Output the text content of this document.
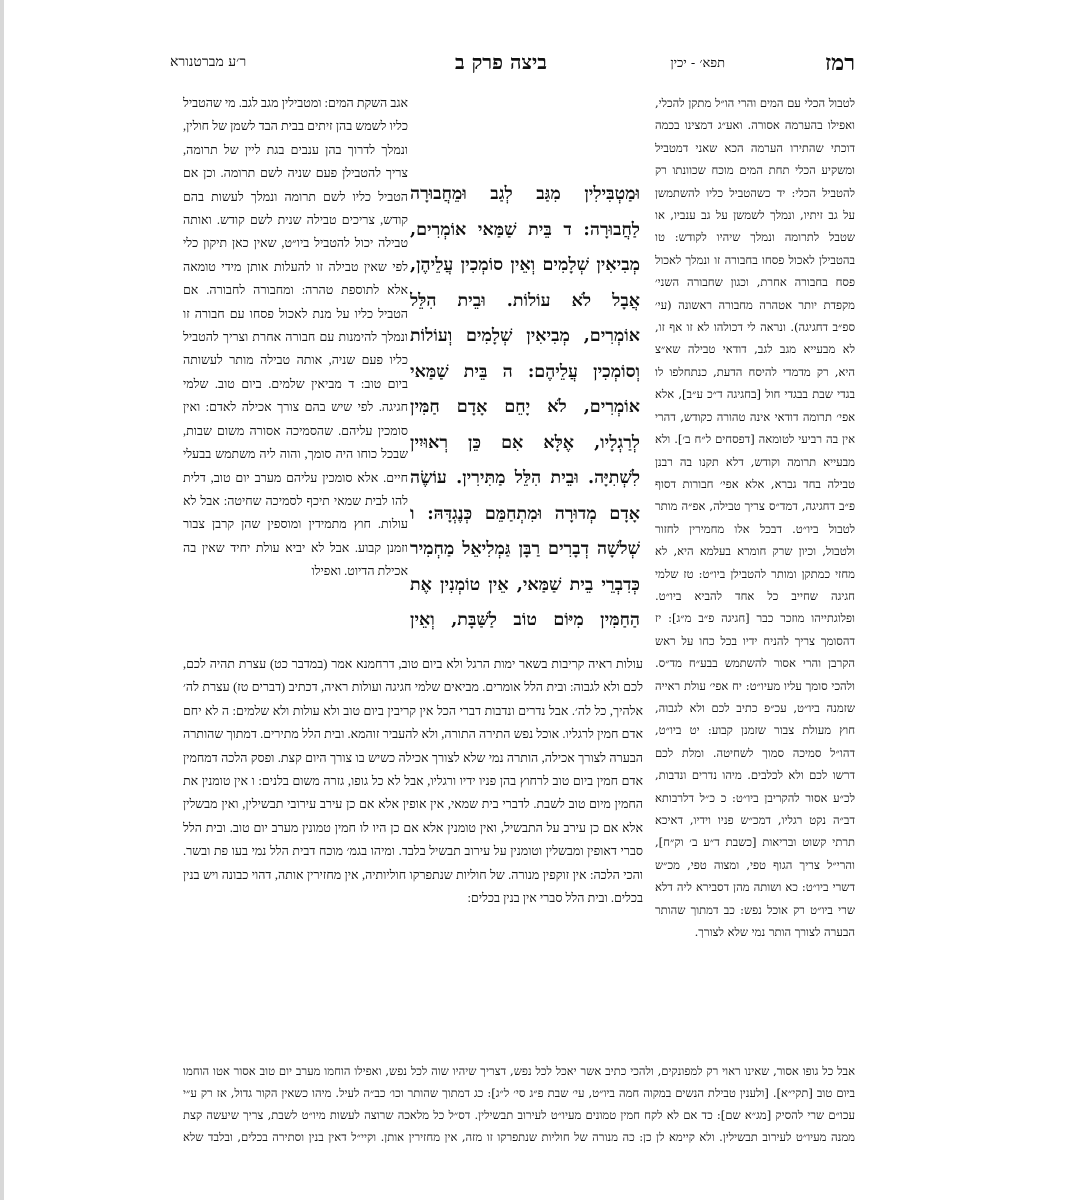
רמז
תפא׳ - יכין
ביצה פרק ב
ר׳ע מברטנורא
לטבול הכלי עם המים והרי הו״ל מתקן להכלי, ואפילו בהערמה אסורה. ואע״ג דמצינו בכמה דוכתי שהתירו הערמה הכא שאני דמטביל ומשקיע הכלי תחת המים מוכח שכוונתו רק להטביל הכלי: יד כשהטביל כליו להשתמשן על גב זיתיו, ונמלך לשמשן על גב ענביו, או שטבל לתרומה ונמלך שיהיו לקודש: טו בהטבילן לאכול פסחו בחבורה זו ונמלך לאכול פסח בחבורה אחרת, וכגון שחבורה השני׳ מקפדת יותר אטהרה מחבורה ראשונה (עי׳ ספ״ב דחגיגה). ונראה לי דכולהו לא זו אף זו, לא מבעייא מגב לגב, דודאי טבילה שא״צ היא, רק מדמדי להיסח הדעת, כנתחלפו לו בגדי שבת בבגדי חול [בחגיגה ד״כ ע״ב], אלא אפי׳ תרומה דודאי אינה טהורה כקודש, דהרי אין בה רביעי לטומאה [דפסחים ל״ח ב׳]. ולא מבעייא תרומה וקודש, דלא תקנו בה רבנן טבילה בחד גברא, אלא אפי׳ חבורות דסוף פ״ב דחגיגה, דמד״ס צריך טבילה, אפ״ה מותר לטבול ביו״ט. דבכל אלו מחמירין לחזור ולטבול, וכיון שרק חומרא בעלמא היא, לא מחזי כמתקן ומותר להטבילן ביו״ט: טז שלמי חגיגה שחייב כל אחד להביא ביו״ט. ופלוגתייהו מוזכר כבר [חגיגה פ״ב מ״ג]: יז דהסומך צריך להניח ידיו בכל כחו על ראש הקרבן והרי אסור להשתמש בבע״ח מד״ס. ולהכי סומך עליו מעיו״ט: יח אפי׳ עולת ראייה שזמנה ביו״ט, עכ״פ כתיב לכם ולא לגבוה, חוץ מעולת צבור שזמנן קבוע: יט ביו״ט, דהו״ל סמיכה סמוך לשחיטה. ומלת לכם דרשו לכם ולא לכלבים. מיהו נדרים ונדבות, לכ״ע אסור להקריבן ביו״ט: כ כ״ל דלרבותא דב״ה נקט רגליו, דמכ״ש פניו וידיו, דאיכא תרתי קשוט ובריאות [כשבת ד״ע ב׳ וק״ח], והרי״ל צריך הגוף טפי, ומצוה טפי, מכ״ש דשרי ביו״ט: כא ושותה מהן דסבירא ליה דלא שרי ביו״ט רק אוכל נפש: כב דמתוך שהותר הבערה לצורך הותר נמי שלא לצורך.
וּמַטְבִּילִין מִגַּב לְגַב וּמֵחֲבוּרָה לַחֲבוּרָה: ד בֵּית שַׁמַּאי אוֹמְרִים, מְבִיאִין שְׁלָמִים וְאֵין סוֹמְכִין עֲלֵיהֶן, אֲבָל לֹא עוֹלוֹת. וּבֵית הִלֵּל אוֹמְרִים, מְבִיאִין שְׁלָמִים וְעוֹלוֹת וְסוֹמְכִין עֲלֵיהֶם: ה בֵּית שַׁמַּאי אוֹמְרִים, לֹא יָחֵם אָדָם חַמִּין לְרַגְלָיו, אֶלָּא אִם כֵּן רְאוּיִין לִשְׁתִיָּה. וּבֵית הִלֵּל מַתִּירִין. עוֹשֶׂה אָדָם מְדוּרָה וּמִתְחַמֵּם כְּנֶגְדָּהּ: ו שְׁלשָׁה דְבָרִים רַבָּן גַּמְלִיאֵל מַחְמִיר כְּדִבְרֵי בֵית שַׁמַּאי, אֵין טוֹמְנִין אֶת הַחַמִּין מִיּוֹם טוֹב לַשַּׁבָּת, וְאֵין
אגב השקת המים: ומטבילין מגב לגב. מי שהטביל כליו לשמש בהן זיתים בבית הבד לשמן של חולין, ונמלך לדרוך בהן ענבים בגת ליין של תרומה, צריך להטבילן פעם שניה לשם תרומה. וכן אם הטביל כליו לשם תרומה ונמלך לעשות בהם קודש, צריכים טבילה שנית לשם קודש. ואותה טבילה יכול להטביל ביו״ט, שאין כאן תיקון כלי לפי שאין טבילה זו להעלות אותן מידי טומאה אלא לתוספת טהרה: ומחבורה לחבורה. אם הטביל כליו על מנת לאכול פסחו עם חבורה זו ונמלך להימנות עם חבורה אחרת וצריך להטביל כליו פעם שניה, אותה טבילה מותר לעשותה ביום טוב: ד מביאין שלמים. ביום טוב. שלמי חגיגה. לפי שיש בהם צורך אכילה לאדם: ואין סומכין עליהם. שהסמיכה אסורה משום שבות, שבכל כוחו היה סומך, והוה ליה משתמש בבעלי חיים. אלא סומכין עליהם מערב יום טוב, דלית להו לבית שמאי תיכף לסמיכה שחיטה: אבל לא עולות. חוץ מתמידין ומוספין שהן קרבן צבור וזמנן קבוע. אבל לא יביא עולת יחיד שאין בה אכילת הדיוט. ואפילו
עולות ראיה קריבות בשאר ימות הרגל ולא ביום טוב, דרחמנא אמר (במדבר כט) עצרת תהיה לכם, לכם ולא לגבוה: ובית הלל אומרים. מביאים שלמי חגיגה ועולות ראיה, דכתיב (דברים טז) עצרת לה׳ אלהיך, כל לה׳. אבל נדרים ונדבות דברי הכל אין קריבין ביום טוב ולא עולות ולא שלמים: ה לא יחם אדם חמין לרגליו. אוכל נפש התירה התורה, ולא להעביר זוהמא. ובית הלל מתירים. דמתוך שהותרה הבערה לצורך אכילה, הותרה נמי שלא לצורך אכילה כשיש בו צורך היום קצת. ופסק הלכה דמחמין אדם חמין ביום טוב לרחוץ בהן פניו ידיו ורגליו, אבל לא כל גופו, גזרה משום בלנים: ו אין טומנין את החמין מיום טוב לשבת. לדברי בית שמאי, אין אופין אלא אם כן עירב עירובי תבשילין, ואין מבשלין אלא אם כן עירב על התבשיל, ואין טומנין אלא אם כן היו לו חמין טמונין מערב יום טוב. ובית הלל סברי דאופין ומבשלין וטומנין על עירוב תבשיל בלבד. ומיהו בגמ׳ מוכח דבית הלל נמי בעו פת ובשר. והכי הלכה: אין זוקפין מנורה. של חוליות שנתפרקו חוליותיה, אין מחזירין אותה, דהוי כבונה ויש בנין בכלים. ובית הלל סברי אין בנין בכלים:
אבל כל גופו אסור, שאינו ראוי רק למפונקים, ולהכי כתיב אשר יאכל לכל נפש, דצריך שיהיו שוה לכל נפש, ואפילו הוחמו מערב יום טוב אסור אטו הוחמו ביום טוב [תקי״א]. [ולענין טבילת הנשים במקוה חמה ביו״ט, עי׳ שבת פ״ג סי׳ ל״ג]: כג דמתוך שהותר וכו׳ כב״ה לעיל. מיהו כשאין הקור גדול, אז רק ע״י עכו״ם שרי להסיק [מג״א שם]: כד אם לא לקח חמין טמונים מעיו״ט לעירוב תבשילין. דס״ל כל מלאכה שרוצה לעשות מיו״ט לשבת, צריך שיעשה קצת ממנה מעיו״ט לעירוב תבשילין. ולא קיימא לן כן: כה מנורה של חוליות שנתפרקו זו מזה, אין מחזירין אותן. וקיי״ל דאין בנין וסתירה בכלים, ובלבד שלא
